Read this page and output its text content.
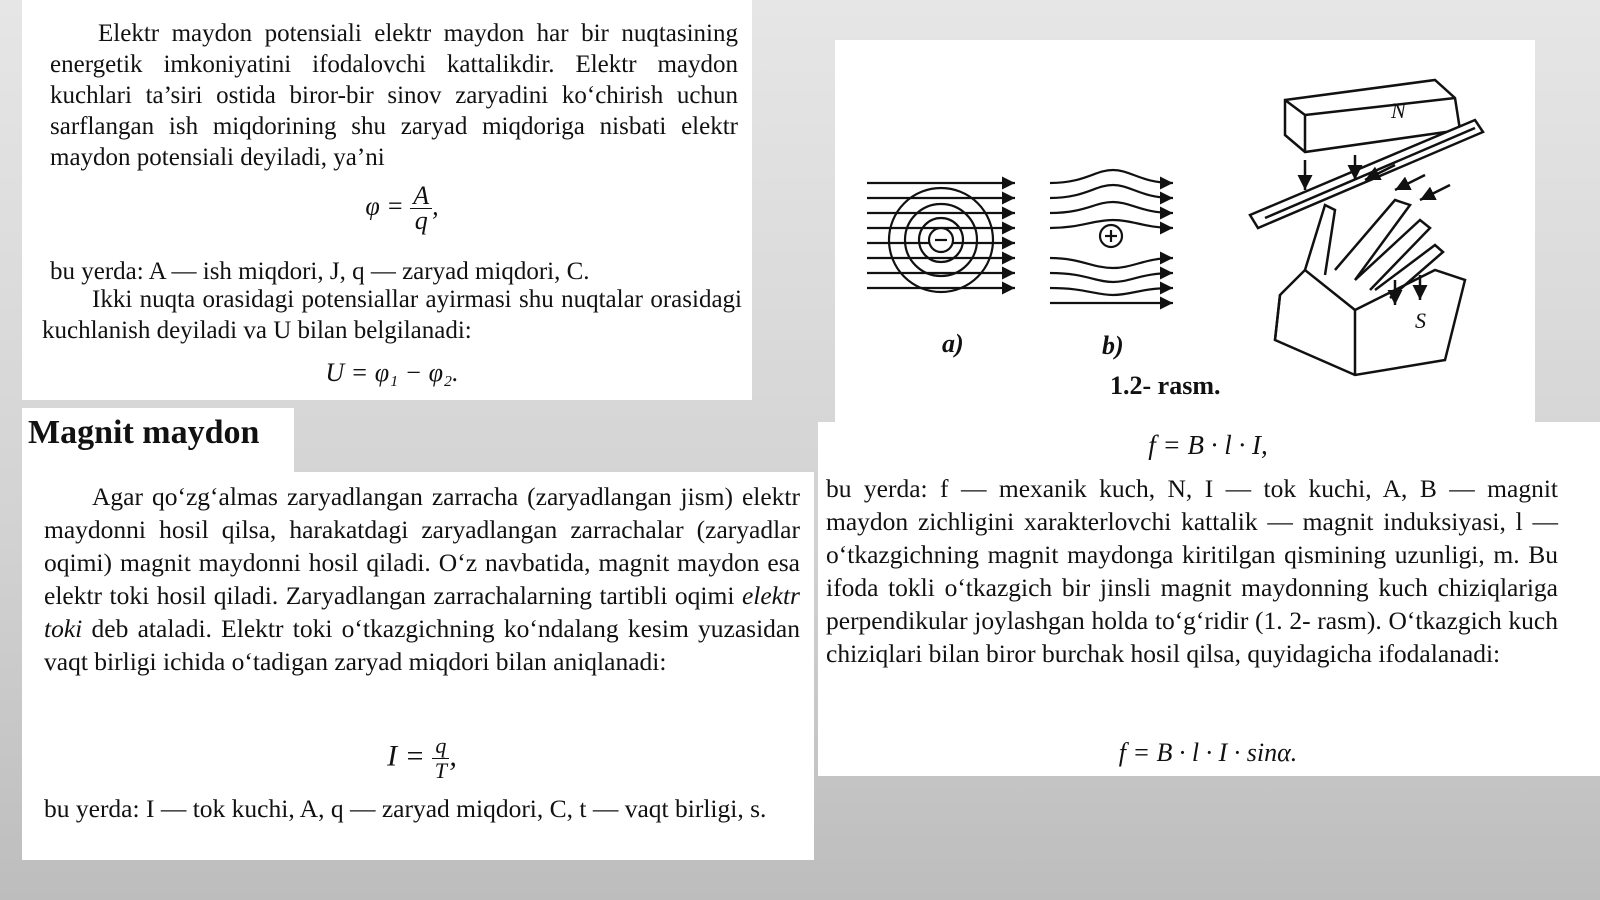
Elektr maydon potensiali elektr maydon har bir nuqtasining energetik imkoniyatini ifodalovchi kattalikdir. Elektr maydon kuchlari ta’siri ostida biror-bir sinov zaryadini ko‘chirish uchun sarflangan ish miqdorining shu zaryad miqdoriga nisbati elektr maydon potensiali deyiladi, ya’ni

$\varphi = \frac{A}{q}$ ,

bu yerda: A — ish miqdori, J, q — zaryad miqdori, C.

Ikki nuqta orasidagi potensiallar ayirmasi shu nuqtalar orasidagi kuchlanish deyiladi va U bilan belgilanadi:

U = φ₁ − φ₂.
Magnit maydon

Agar qo‘zg‘almas zaryadlangan zarracha (zaryadlangan jism) elektr maydonni hosil qilsa, harakatdagi zaryadlangan zarrachalar (zaryadlar oqimi) magnit maydonni hosil qiladi. O‘z navbatida, magnit maydon esa elektr toki hosil qiladi. Zaryadlangan zarrachalarning tartibli oqimi elektr toki deb ataladi. Elektr toki o‘tkazgichning ko‘ndalang kesim yuzasidan vaqt birligi ichida o‘tadigan zaryad miqdori bilan aniqlanadi:

$I = \frac{q}{T}$ ,

bu yerda: I — tok kuchi, A, q — zaryad miqdori, C, t — vaqt birligi, s.

N
S
a)	b)
1.2- rasm.
f = B · l · I,

bu yerda: f — mexanik kuch, N, I — tok kuchi, A, B — magnit maydon zichligini xarakterlovchi kattalik — magnit induksiyasi, l — o‘tkazgichning magnit maydonga kiritilgan qismining uzunligi, m. Bu ifoda tokli o‘tkazgich bir jinsli magnit maydonning kuch chiziqlariga perpendikular joylashgan holda to‘g‘ridir (1. 2- rasm). O‘tkazgich kuch chiziqlari bilan biror burchak hosil qilsa, quyidagicha ifodalanadi:

f = B · l · I · sinα.
